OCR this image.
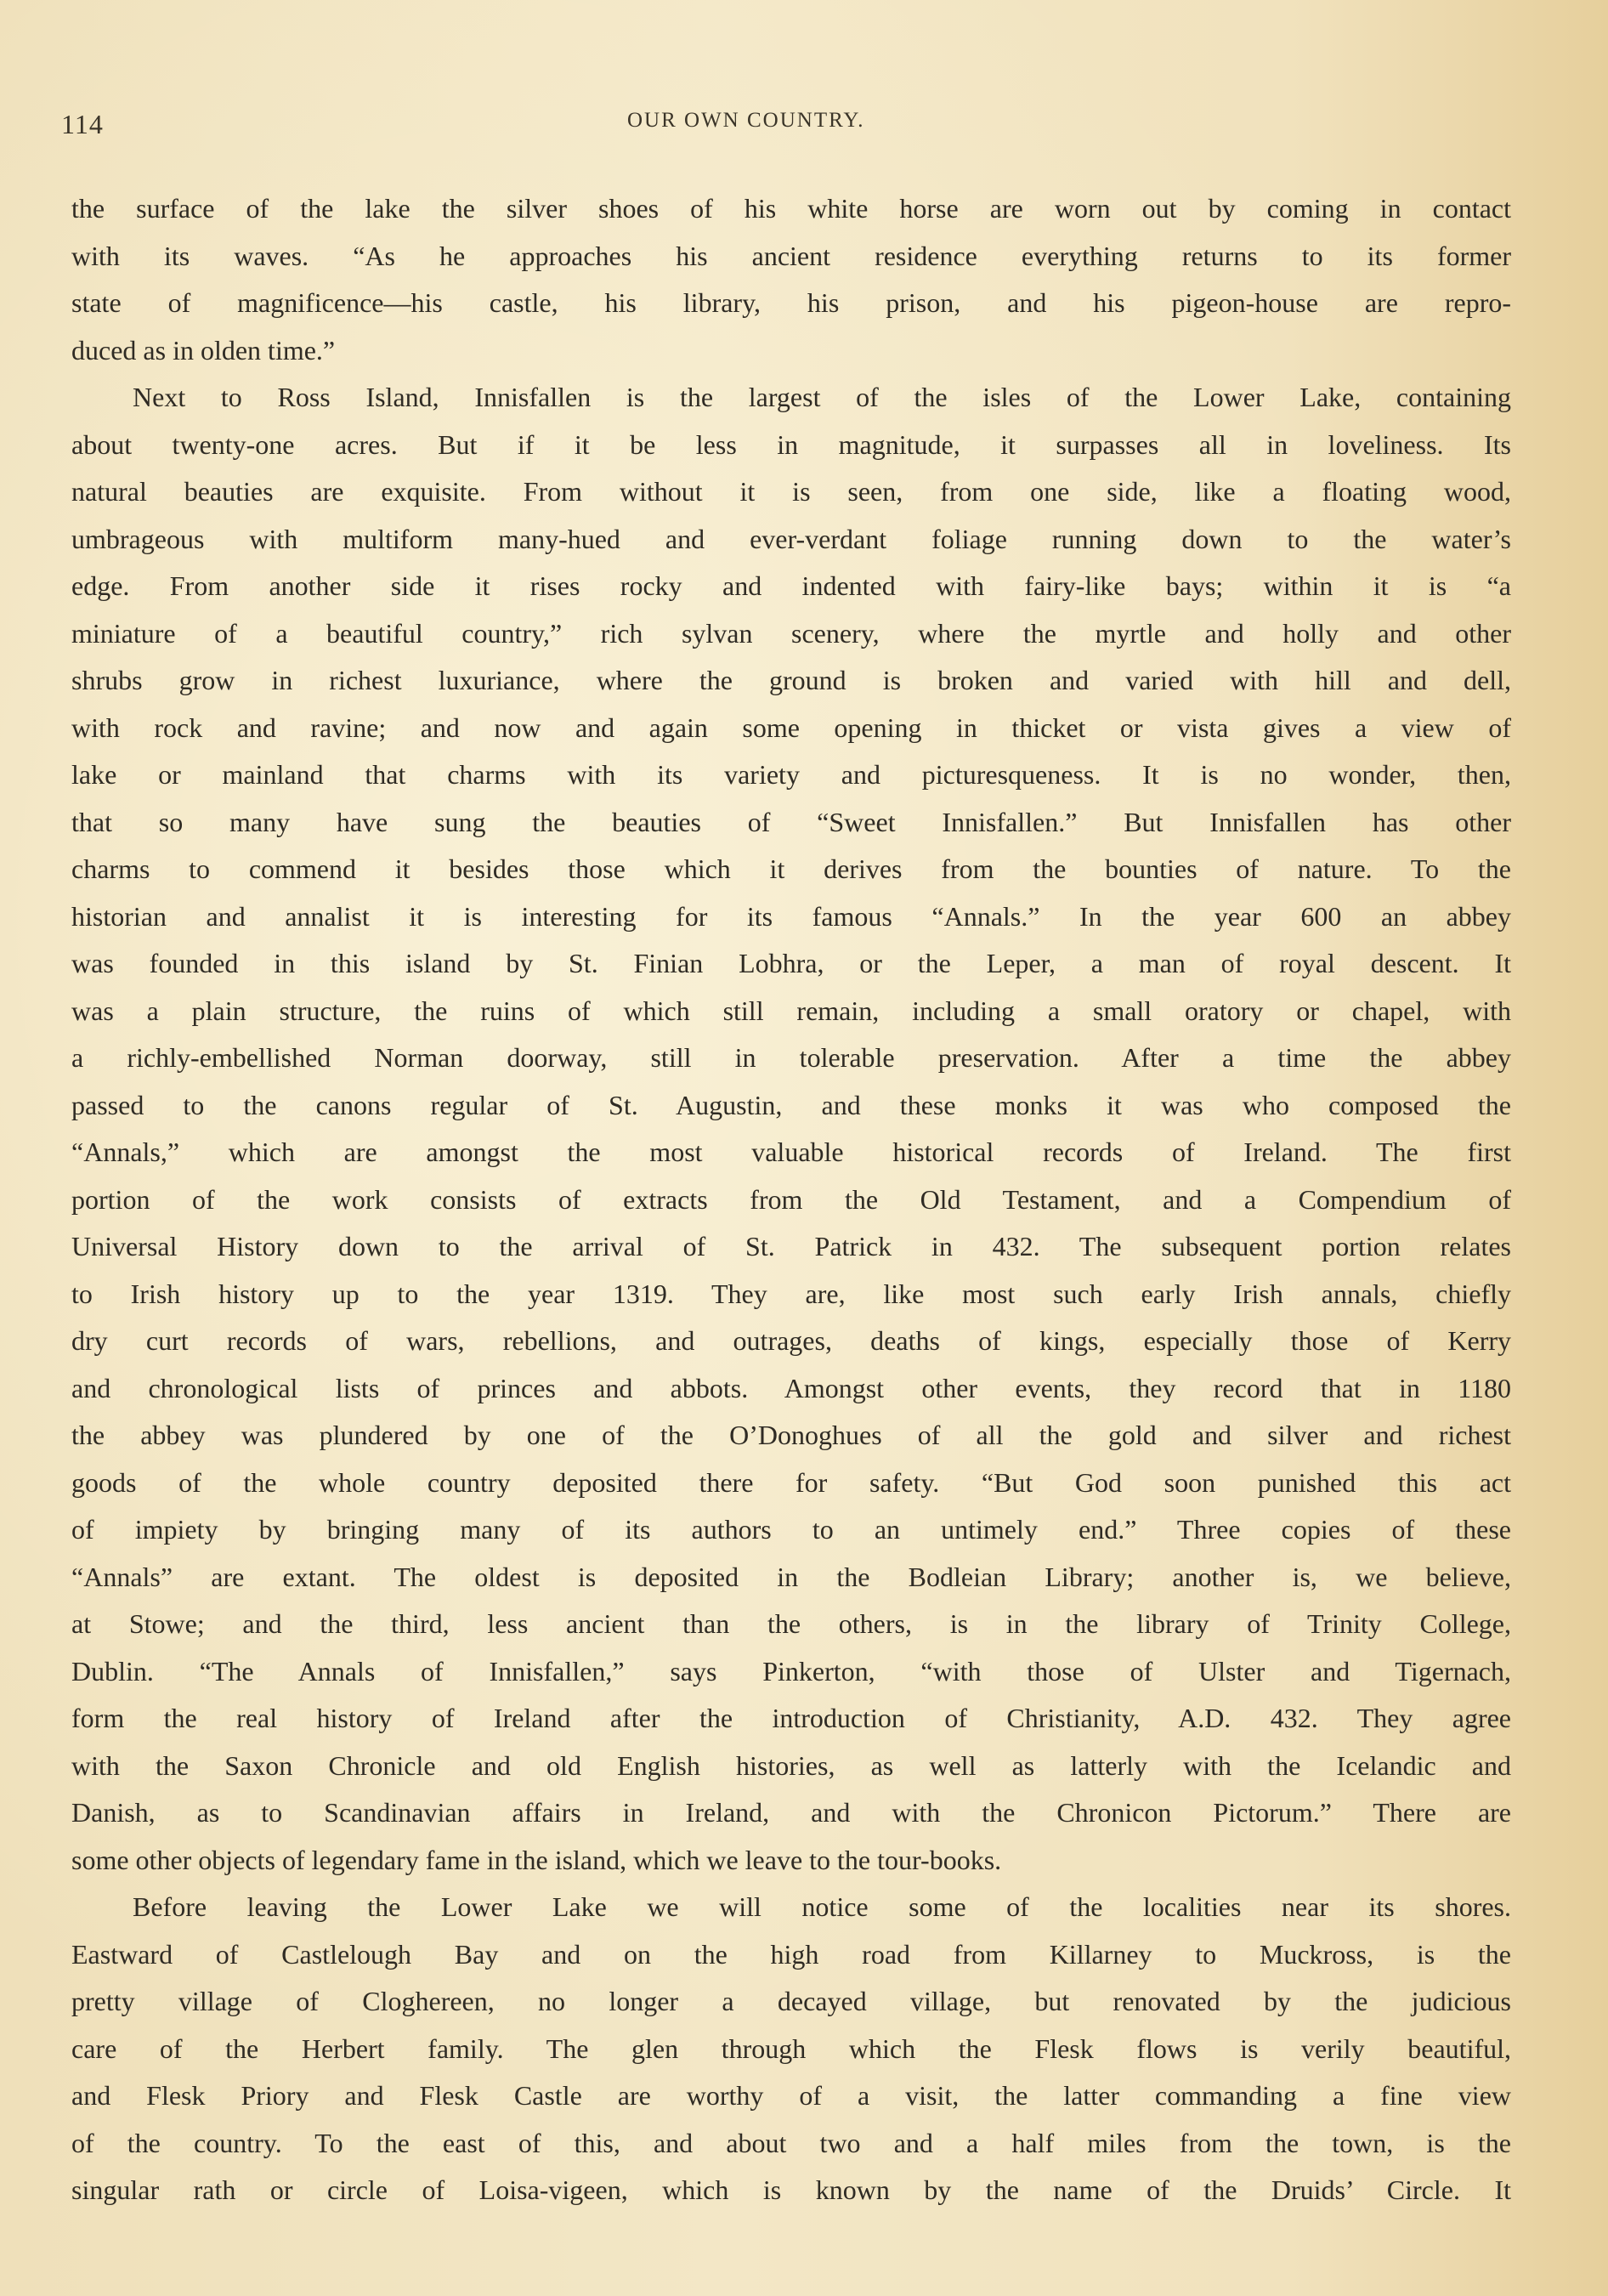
114	OUR OWN COUNTRY.
the surface of the lake the silver shoes of his white horse are worn out by coming in contact
with its waves. “As he approaches his ancient residence everything returns to its former
state of magnificence—his castle, his library, his prison, and his pigeon-house are repro-
duced as in olden time.”
Next to Ross Island, Innisfallen is the largest of the isles of the Lower Lake, containing
about twenty-one acres. But if it be less in magnitude, it surpasses all in loveliness. Its
natural beauties are exquisite. From without it is seen, from one side, like a floating wood,
umbrageous with multiform many-hued and ever-verdant foliage running down to the water’s
edge. From another side it rises rocky and indented with fairy-like bays; within it is “a
miniature of a beautiful country,” rich sylvan scenery, where the myrtle and holly and other
shrubs grow in richest luxuriance, where the ground is broken and varied with hill and dell,
with rock and ravine; and now and again some opening in thicket or vista gives a view of
lake or mainland that charms with its variety and picturesqueness. It is no wonder, then,
that so many have sung the beauties of “Sweet Innisfallen.” But Innisfallen has other
charms to commend it besides those which it derives from the bounties of nature. To the
historian and annalist it is interesting for its famous “Annals.” In the year 600 an abbey
was founded in this island by St. Finian Lobhra, or the Leper, a man of royal descent. It
was a plain structure, the ruins of which still remain, including a small oratory or chapel, with
a richly-embellished Norman doorway, still in tolerable preservation. After a time the abbey
passed to the canons regular of St. Augustin, and these monks it was who composed the
“Annals,” which are amongst the most valuable historical records of Ireland. The first
portion of the work consists of extracts from the Old Testament, and a Compendium of
Universal History down to the arrival of St. Patrick in 432. The subsequent portion relates
to Irish history up to the year 1319. They are, like most such early Irish annals, chiefly
dry curt records of wars, rebellions, and outrages, deaths of kings, especially those of Kerry
and chronological lists of princes and abbots. Amongst other events, they record that in 1180
the abbey was plundered by one of the O’Donoghues of all the gold and silver and richest
goods of the whole country deposited there for safety. “But God soon punished this act
of impiety by bringing many of its authors to an untimely end.” Three copies of these
“Annals” are extant. The oldest is deposited in the Bodleian Library; another is, we believe,
at Stowe; and the third, less ancient than the others, is in the library of Trinity College,
Dublin. “The Annals of Innisfallen,” says Pinkerton, “with those of Ulster and Tigernach,
form the real history of Ireland after the introduction of Christianity, A.D. 432. They agree
with the Saxon Chronicle and old English histories, as well as latterly with the Icelandic and
Danish, as to Scandinavian affairs in Ireland, and with the Chronicon Pictorum.” There are
some other objects of legendary fame in the island, which we leave to the tour-books.
Before leaving the Lower Lake we will notice some of the localities near its shores.
Eastward of Castlelough Bay and on the high road from Killarney to Muckross, is the
pretty village of Cloghereen, no longer a decayed village, but renovated by the judicious
care of the Herbert family. The glen through which the Flesk flows is verily beautiful,
and Flesk Priory and Flesk Castle are worthy of a visit, the latter commanding a fine view
of the country. To the east of this, and about two and a half miles from the town, is the
singular rath or circle of Loisa-vigeen, which is known by the name of the Druids’ Circle. It
